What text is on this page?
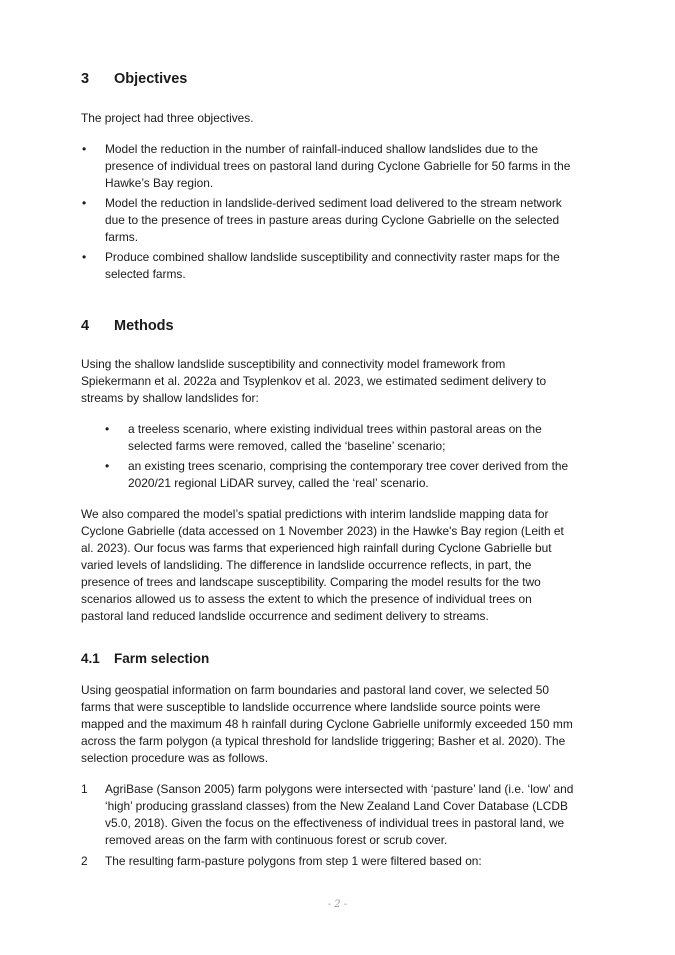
3 Objectives

The project had three objectives.

• Model the reduction in the number of rainfall-induced shallow landslides due to the presence of individual trees on pastoral land during Cyclone Gabrielle for 50 farms in the Hawke’s Bay region.
• Model the reduction in landslide-derived sediment load delivered to the stream network due to the presence of trees in pasture areas during Cyclone Gabrielle on the selected farms.
• Produce combined shallow landslide susceptibility and connectivity raster maps for the selected farms.
4 Methods

Using the shallow landslide susceptibility and connectivity model framework from Spiekermann et al. 2022a and Tsyplenkov et al. 2023, we estimated sediment delivery to streams by shallow landslides for:

• a treeless scenario, where existing individual trees within pastoral areas on the selected farms were removed, called the ‘baseline’ scenario;
• an existing trees scenario, comprising the contemporary tree cover derived from the 2020/21 regional LiDAR survey, called the ‘real’ scenario.

We also compared the model’s spatial predictions with interim landslide mapping data for Cyclone Gabrielle (data accessed on 1 November 2023) in the Hawke's Bay region (Leith et al. 2023). Our focus was farms that experienced high rainfall during Cyclone Gabrielle but varied levels of landsliding. The difference in landslide occurrence reflects, in part, the presence of trees and landscape susceptibility. Comparing the model results for the two scenarios allowed us to assess the extent to which the presence of individual trees on pastoral land reduced landslide occurrence and sediment delivery to streams.

4.1 Farm selection

Using geospatial information on farm boundaries and pastoral land cover, we selected 50 farms that were susceptible to landslide occurrence where landslide source points were mapped and the maximum 48 h rainfall during Cyclone Gabrielle uniformly exceeded 150 mm across the farm polygon (a typical threshold for landslide triggering; Basher et al. 2020). The selection procedure was as follows.

1 AgriBase (Sanson 2005) farm polygons were intersected with ‘pasture’ land (i.e. ‘low’ and ‘high’ producing grassland classes) from the New Zealand Land Cover Database (LCDB v5.0, 2018). Given the focus on the effectiveness of individual trees in pastoral land, we removed areas on the farm with continuous forest or scrub cover.
2 The resulting farm-pasture polygons from step 1 were filtered based on:
- 2 -
